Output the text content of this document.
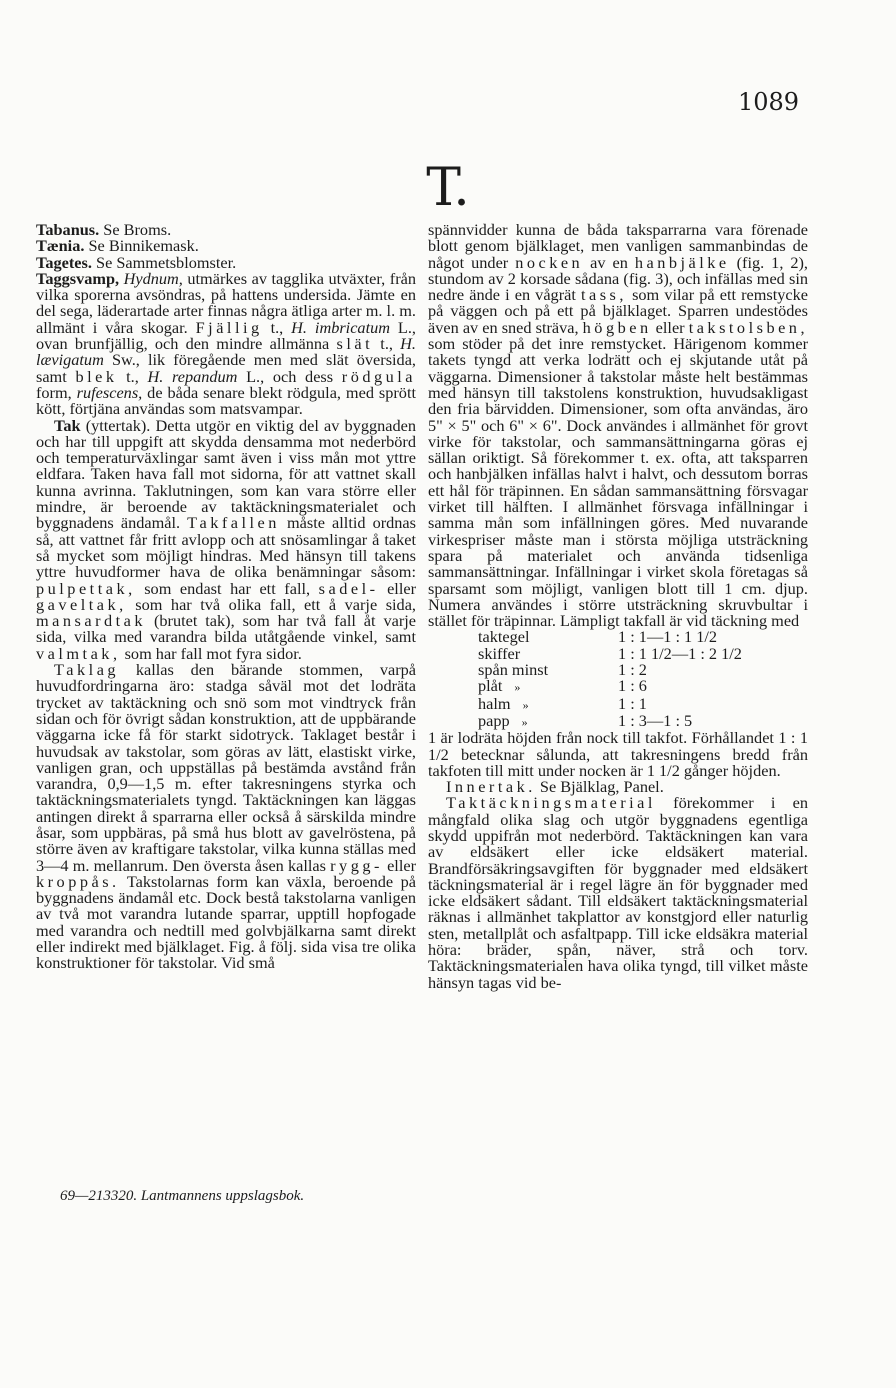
1089
T.

Tabanus. Se Broms.

Tænia. Se Binnikemask.

Tagetes. Se Sammetsblomster.

Taggsvamp, Hydnum, utmärkes av tagglika utväxter, från vilka sporerna avsöndras, på hattens undersida. Jämte en del sega, läderartade arter finnas några ätliga arter m. l. m. allmänt i våra skogar. Fjällig t., H. imbricatum L., ovan brunfjällig, och den mindre allmänna slät t., H. lævigatum Sw., lik föregående men med slät översida, samt blek t., H. repandum L., och dess rödgula form, rufescens, de båda senare blekt rödgula, med sprött kött, förtjäna användas som matsvampar.

Tak (yttertak). Detta utgör en viktig del av byggnaden och har till uppgift att skydda densamma mot nederbörd och temperaturväxlingar samt även i viss mån mot yttre eldfara. Taken hava fall mot sidorna, för att vattnet skall kunna avrinna. Taklutningen, som kan vara större eller mindre, är beroende av taktäckningsmaterialet och byggnadens ändamål. Takfallen måste alltid ordnas så, att vattnet får fritt avlopp och att snösamlingar å taket så mycket som möjligt hindras. Med hänsyn till takens yttre huvudformer hava de olika benämningar såsom: pulpettak, som endast har ett fall, sadel- eller gaveltak, som har två olika fall, ett å varje sida, mansardtak (brutet tak), som har två fall åt varje sida, vilka med varandra bilda utåtgående vinkel, samt valmtak, som har fall mot fyra sidor.

Taklag kallas den bärande stommen, varpå huvudfordringarna äro: stadga såväl mot det lodräta trycket av taktäckning och snö som mot vindtryck från sidan och för övrigt sådan konstruktion, att de uppbärande väggarna icke få för starkt sidotryck. Taklaget består i huvudsak av takstolar, som göras av lätt, elastiskt virke, vanligen gran, och uppställas på bestämda avstånd från varandra, 0,9—1,5 m. efter takresningens styrka och taktäckningsmaterialets tyngd. Taktäckningen kan läggas antingen direkt å sparrarna eller också å särskilda mindre åsar, som uppbäras, på små hus blott av gavelröstena, på större även av kraftigare takstolar, vilka kunna ställas med 3—4 m. mellanrum. Den översta åsen kallas rygg- eller kroppås. Takstolarnas form kan växla, beroende på byggnadens ändamål etc. Dock bestå takstolarna vanligen av två mot varandra lutande sparrar, upptill hopfogade med varandra och nedtill med golvbjälkarna samt direkt eller indirekt med bjälklaget. Fig. å följ. sida visa tre olika konstruktioner för takstolar. Vid små

spännvidder kunna de båda taksparrarna vara förenade blott genom bjälklaget, men vanligen sammanbindas de något under nocken av en hanbjälke (fig. 1, 2), stundom av 2 korsade sådana (fig. 3), och infällas med sin nedre ände i en vågrät tass, som vilar på ett remstycke på väggen och på ett på bjälklaget. Sparren undestödes även av en sned sträva, högben eller takstolsben, som stöder på det inre remstycket. Härigenom kommer takets tyngd att verka lodrätt och ej skjutande utåt på väggarna. Dimensioner å takstolar måste helt bestämmas med hänsyn till takstolens konstruktion, huvudsakligast den fria bärvidden. Dimensioner, som ofta användas, äro 5" × 5" och 6" × 6". Dock användes i allmänhet för grovt virke för takstolar, och sammansättningarna göras ej sällan oriktigt. Så förekommer t. ex. ofta, att taksparren och hanbjälken infällas halvt i halvt, och dessutom borras ett hål för träpinnen. En sådan sammansättning försvagar virket till hälften. I allmänhet försvaga infällningar i samma mån som infällningen göres. Med nuvarande virkespriser måste man i största möjliga utsträckning spara på materialet och använda tidsenliga sammansättningar. Infällningar i virket skola företagas så sparsamt som möjligt, vanligen blott till 1 cm. djup. Numera användes i större utsträckning skruvbultar i stället för träpinnar. Lämpligt takfall är vid täckning med

taktegel	1 : 1—1 : 1 1/2
skiffer	1 : 1 1/2—1 : 2 1/2
spån minst	1 : 2
plåt »	1 : 6
halm »	1 : 1
papp »	1 : 3—1 : 5

1 är lodräta höjden från nock till takfot. Förhållandet 1 : 1 1/2 betecknar sålunda, att takresningens bredd från takfoten till mitt under nocken är 1 1/2 gånger höjden.

Innertak. Se Bjälklag, Panel.

Taktäckningsmaterial förekommer i en mångfald olika slag och utgör byggnadens egentliga skydd uppifrån mot nederbörd. Taktäckningen kan vara av eldsäkert eller icke eldsäkert material. Brandförsäkringsavgiften för byggnader med eldsäkert täckningsmaterial är i regel lägre än för byggnader med icke eldsäkert sådant. Till eldsäkert taktäckningsmaterial räknas i allmänhet takplattor av konstgjord eller naturlig sten, metallplåt och asfaltpapp. Till icke eldsäkra material höra: bräder, spån, näver, strå och torv. Taktäckningsmaterialen hava olika tyngd, till vilket måste hänsyn tagas vid be-

69—213320. Lantmannens uppslagsbok.
